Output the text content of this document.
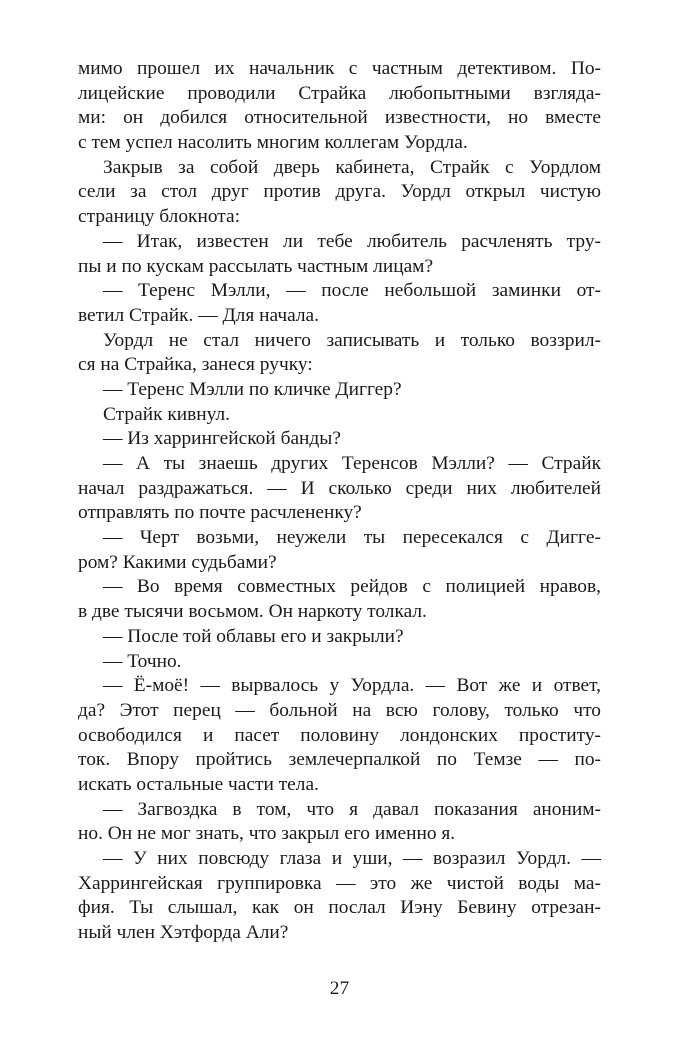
мимо прошел их начальник с частным детективом. По-
лицейские проводили Страйка любопытными взгляда-
ми: он добился относительной известности, но вместе
с тем успел насолить многим коллегам Уордла.
Закрыв за собой дверь кабинета, Страйк с Уордлом
сели за стол друг против друга. Уордл открыл чистую
страницу блокнота:
— Итак, известен ли тебе любитель расчленять тру-
пы и по кускам рассылать частным лицам?
— Теренс Мэлли, — после небольшой заминки от-
ветил Страйк. — Для начала.
Уордл не стал ничего записывать и только воззрил-
ся на Страйка, занеся ручку:
— Теренс Мэлли по кличке Диггер?
Страйк кивнул.
— Из харрингейской банды?
— А ты знаешь других Теренсов Мэлли? — Страйк
начал раздражаться. — И сколько среди них любителей
отправлять по почте расчлененку?
— Черт возьми, неужели ты пересекался с Диггe-
ром? Какими судьбами?
— Во время совместных рейдов с полицией нравов,
в две тысячи восьмом. Он наркоту толкал.
— После той облавы его и закрыли?
— Точно.
— Ё-моё! — вырвалось у Уордла. — Вот же и ответ,
да? Этот перец — больной на всю голову, только что
освободился и пасет половину лондонских проститу-
ток. Впору пройтись землечерпалкой по Темзе — по-
искать остальные части тела.
— Загвоздка в том, что я давал показания аноним-
но. Он не мог знать, что закрыл его именно я.
— У них повсюду глаза и уши, — возразил Уордл. —
Харрингейская группировка — это же чистой воды ма-
фия. Ты слышал, как он послал Иэну Бевину отрезан-
ный член Хэтфорда Али?
27
